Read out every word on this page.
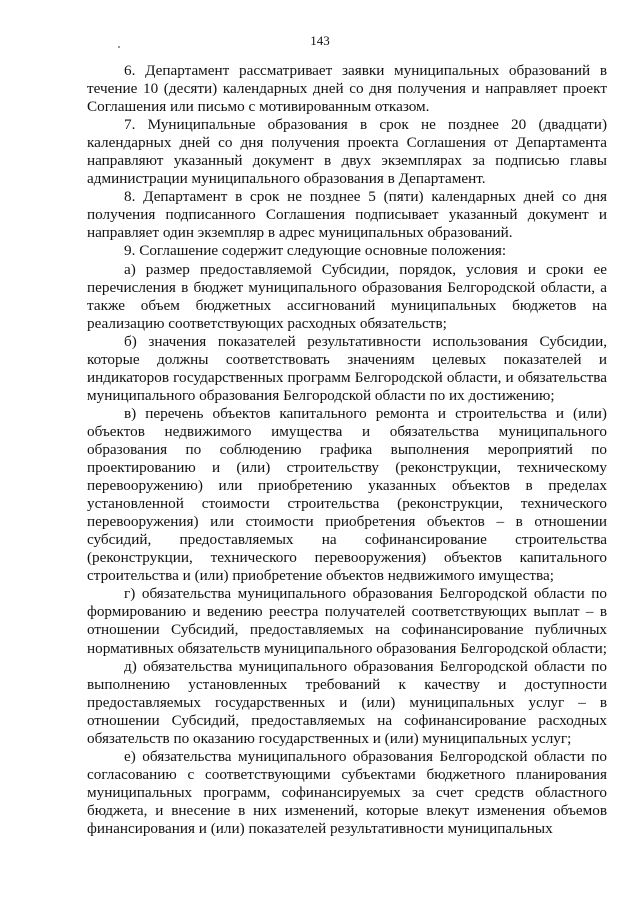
143

6. Департамент рассматривает заявки муниципальных образований в течение 10 (десяти) календарных дней со дня получения и направляет проект Соглашения или письмо с мотивированным отказом.

7. Муниципальные образования в срок не позднее 20 (двадцати) календарных дней со дня получения проекта Соглашения от Департамента направляют указанный документ в двух экземплярах за подписью главы администрации муниципального образования в Департамент.

8. Департамент в срок не позднее 5 (пяти) календарных дней со дня получения подписанного Соглашения подписывает указанный документ и направляет один экземпляр в адрес муниципальных образований.

9. Соглашение содержит следующие основные положения:

а) размер предоставляемой Субсидии, порядок, условия и сроки ее перечисления в бюджет муниципального образования Белгородской области, а также объем бюджетных ассигнований муниципальных бюджетов на реализацию соответствующих расходных обязательств;

б) значения показателей результативности использования Субсидии, которые должны соответствовать значениям целевых показателей и индикаторов государственных программ Белгородской области, и обязательства муниципального образования Белгородской области по их достижению;

в) перечень объектов капитального ремонта и строительства и (или) объектов недвижимого имущества и обязательства муниципального образования по соблюдению графика выполнения мероприятий по проектированию и (или) строительству (реконструкции, техническому перевооружению) или приобретению указанных объектов в пределах установленной стоимости строительства (реконструкции, технического перевооружения) или стоимости приобретения объектов – в отношении субсидий, предоставляемых на софинансирование строительства (реконструкции, технического перевооружения) объектов капитального строительства и (или) приобретение объектов недвижимого имущества;

г) обязательства муниципального образования Белгородской области по формированию и ведению реестра получателей соответствующих выплат – в отношении Субсидий, предоставляемых на софинансирование публичных нормативных обязательств муниципального образования Белгородской области;

д) обязательства муниципального образования Белгородской области по выполнению установленных требований к качеству и доступности предоставляемых государственных и (или) муниципальных услуг – в отношении Субсидий, предоставляемых на софинансирование расходных обязательств по оказанию государственных и (или) муниципальных услуг;

е) обязательства муниципального образования Белгородской области по согласованию с соответствующими субъектами бюджетного планирования муниципальных программ, софинансируемых за счет средств областного бюджета, и внесение в них изменений, которые влекут изменения объемов финансирования и (или) показателей результативности муниципальных
